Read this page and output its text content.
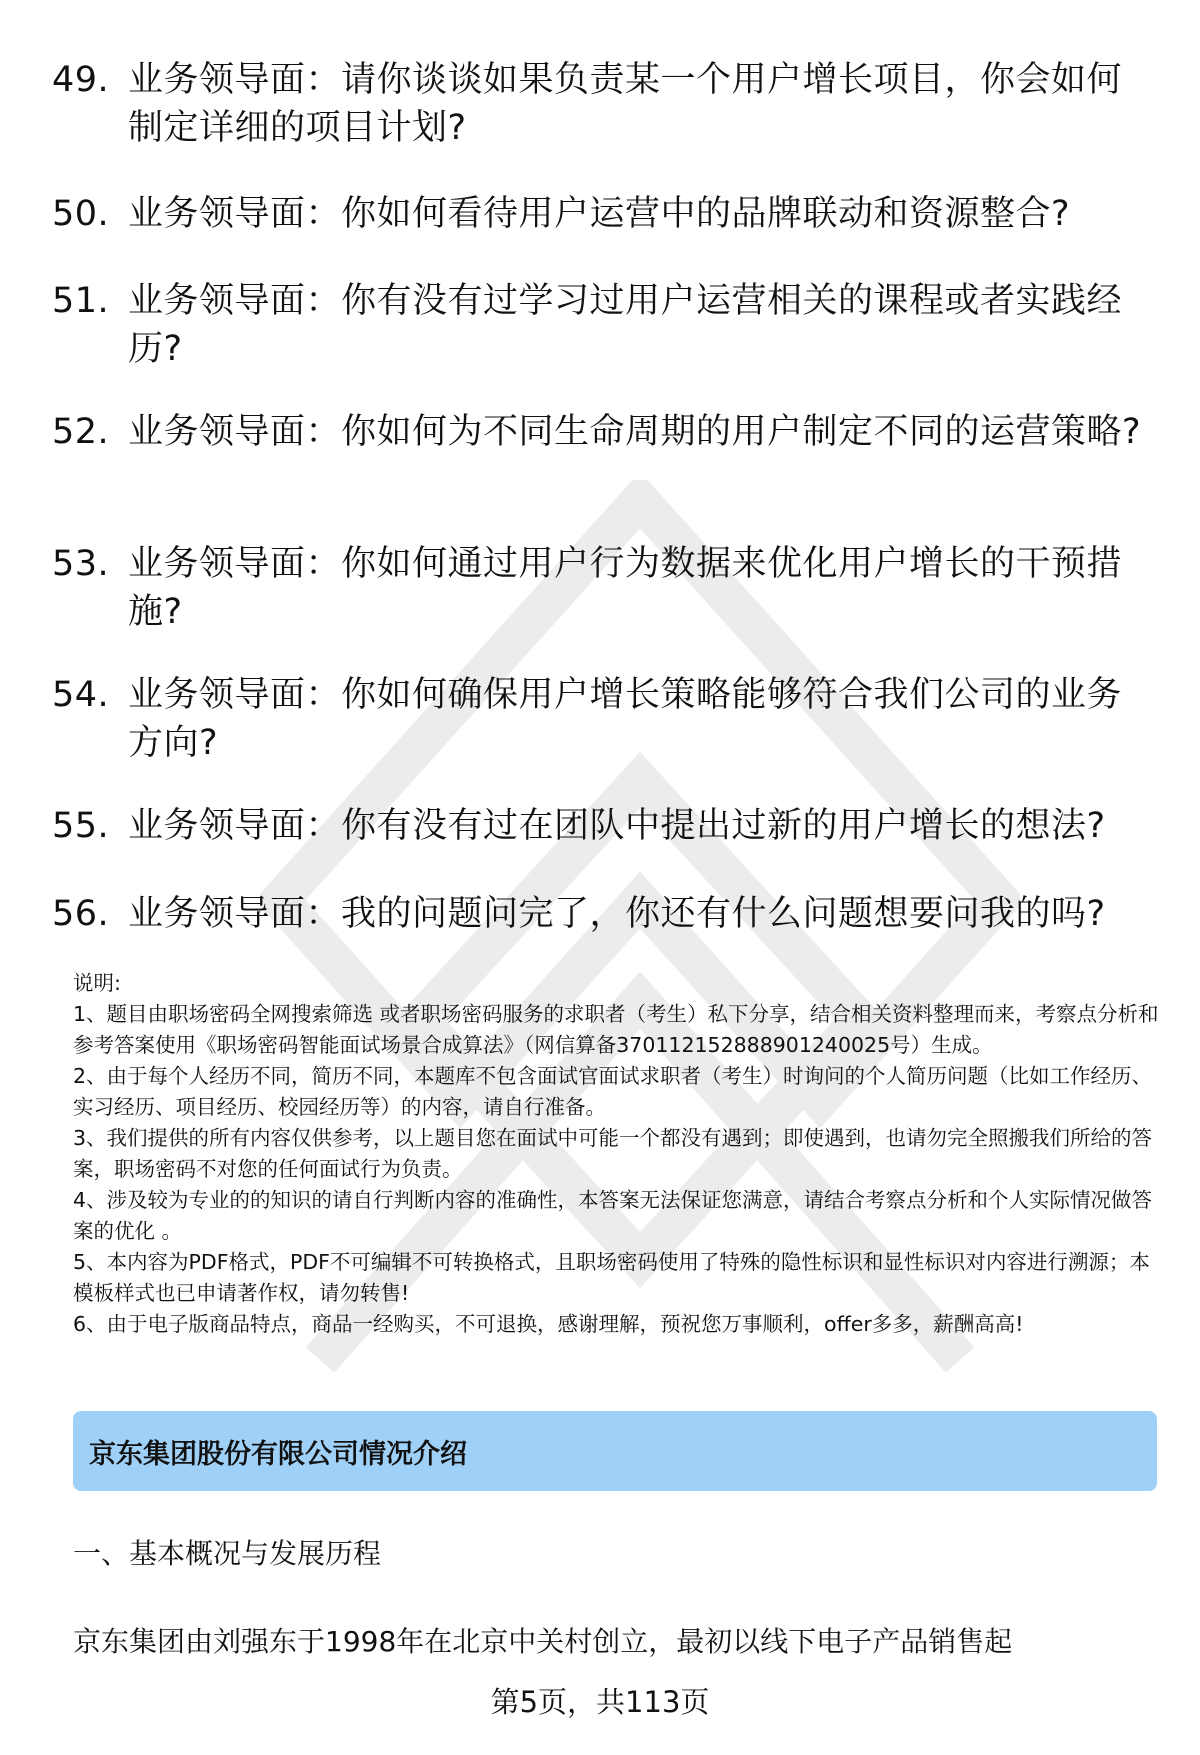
49. 业务领导面：请你谈谈如果负责某一个用户增长项目，你会如何制定详细的项目计划?
50. 业务领导面：你如何看待用户运营中的品牌联动和资源整合?
51. 业务领导面：你有没有过学习过用户运营相关的课程或者实践经历?
52. 业务领导面：你如何为不同生命周期的用户制定不同的运营策略?
53. 业务领导面：你如何通过用户行为数据来优化用户增长的干预措施?
54. 业务领导面：你如何确保用户增长策略能够符合我们公司的业务方向?
55. 业务领导面：你有没有过在团队中提出过新的用户增长的想法?
56. 业务领导面：我的问题问完了，你还有什么问题想要问我的吗?

说明:

1、题目由职场密码全网搜索筛选 或者职场密码服务的求职者（考生）私下分享，结合相关资料整理而来，考察点分析和参考答案使用《职场密码智能面试场景合成算法》（网信算备370112152888901240025号）生成。

2、由于每个人经历不同，简历不同，本题库不包含面试官面试求职者（考生）时询问的个人简历问题（比如工作经历、实习经历、项目经历、校园经历等）的内容，请自行准备。

3、我们提供的所有内容仅供参考，以上题目您在面试中可能一个都没有遇到；即使遇到，也请勿完全照搬我们所给的答案，职场密码不对您的任何面试行为负责。

4、涉及较为专业的的知识的请自行判断内容的准确性，本答案无法保证您满意，请结合考察点分析和个人实际情况做答案的优化 。

5、本内容为PDF格式，PDF不可编辑不可转换格式，且职场密码使用了特殊的隐性标识和显性标识对内容进行溯源；本模板样式也已申请著作权，请勿转售!

6、由于电子版商品特点，商品一经购买，不可退换，感谢理解，预祝您万事顺利，offer多多，薪酬高高!

京东集团股份有限公司情况介绍
一、基本概况与发展历程
京东集团由刘强东于1998年在北京中关村创立，最初以线下电子产品销售起
第5页，共113页
